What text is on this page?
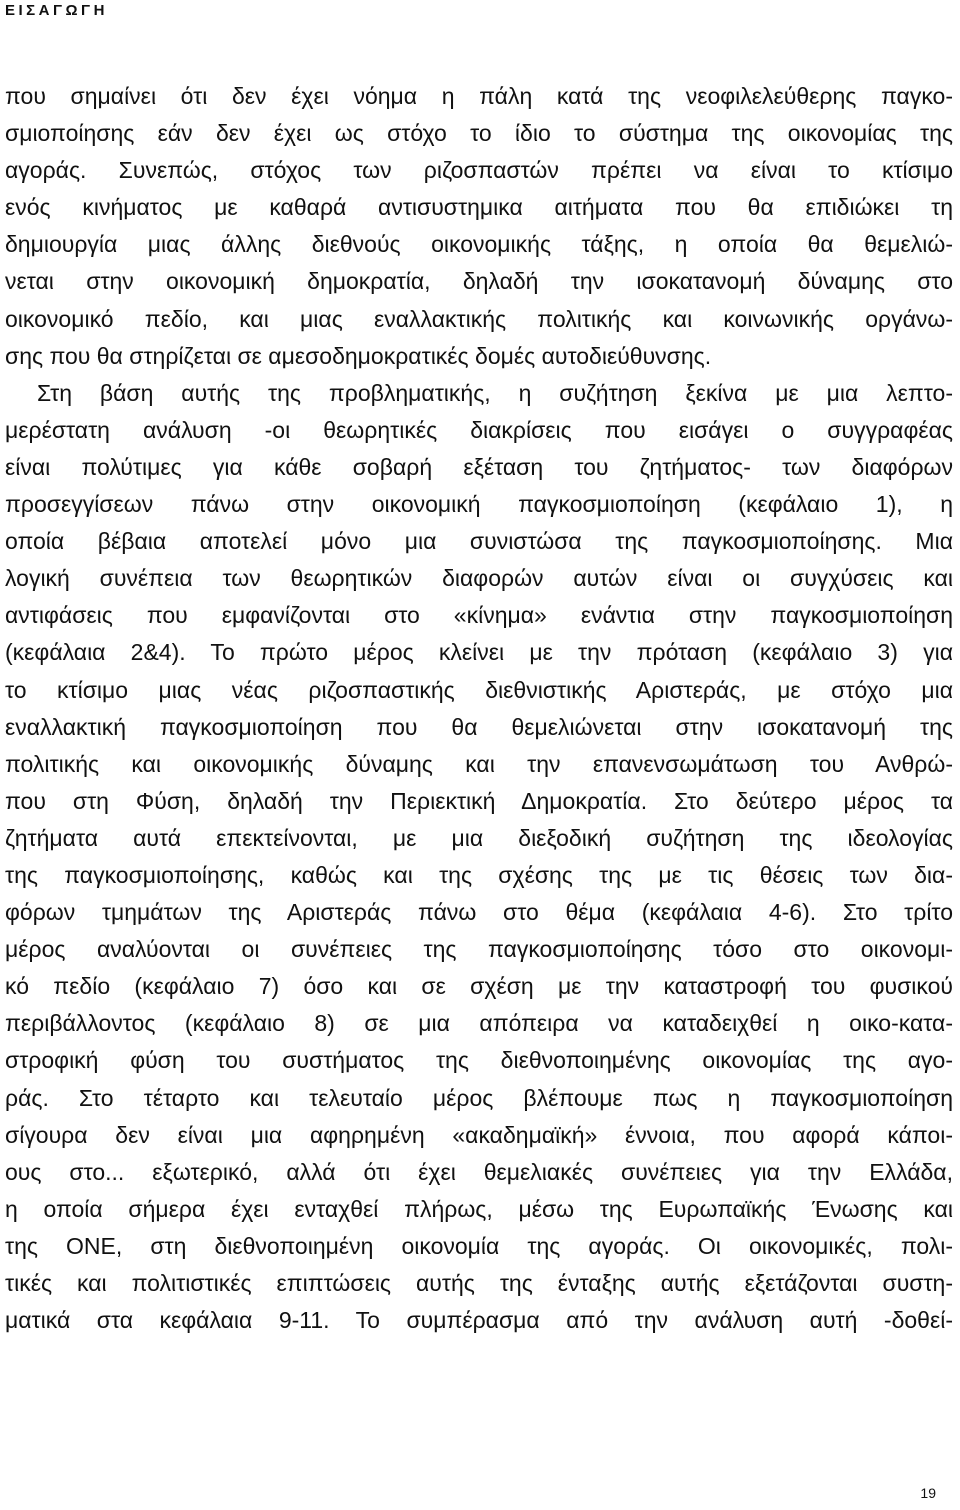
ΕΙΣΑΓΩΓΗ
που σημαίνει ότι δεν έχει νόημα η πάλη κατά της νεοφιλελεύθερης παγκο-
σμιοποίησης εάν δεν έχει ως στόχο το ίδιο το σύστημα της οικονομίας της
αγοράς. Συνεπώς, στόχος των ριζοσπαστών πρέπει να είναι το κτίσιμο
ενός κινήματος με καθαρά αντισυστημικα αιτήματα που θα επιδιώκει τη
δημιουργία μιας άλλης διεθνούς οικονομικής τάξης, η οποία θα θεμελιώ-
νεται στην οικονομική δημοκρατία, δηλαδή την ισοκατανομή δύναμης στο
οικονομικό πεδίο, και μιας εναλλακτικής πολιτικής και κοινωνικής οργάνω-
σης που θα στηρίζεται σε αμεσοδημοκρατικές δομές αυτοδιεύθυνσης.
Στη βάση αυτής της προβληματικής, η συζήτηση ξεκίνα με μια λεπτο-
μερέστατη ανάλυση -οι θεωρητικές διακρίσεις που εισάγει ο συγγραφέας
είναι πολύτιμες για κάθε σοβαρή εξέταση του ζητήματος- των διαφόρων
προσεγγίσεων πάνω στην οικονομική παγκοσμιοποίηση (κεφάλαιο 1), η
οποία βέβαια αποτελεί μόνο μια συνιστώσα της παγκοσμιοποίησης. Μια
λογική συνέπεια των θεωρητικών διαφορών αυτών είναι οι συγχύσεις και
αντιφάσεις που εμφανίζονται στο «κίνημα» ενάντια στην παγκοσμιοποίηση
(κεφάλαια 2&4). Το πρώτο μέρος κλείνει με την πρόταση (κεφάλαιο 3) για
το κτίσιμο μιας νέας ριζοσπαστικής διεθνιστικής Αριστεράς, με στόχο μια
εναλλακτική παγκοσμιοποίηση που θα θεμελιώνεται στην ισοκατανομή της
πολιτικής και οικονομικής δύναμης και την επανενσωμάτωση του Ανθρώ-
που στη Φύση, δηλαδή την Περιεκτική Δημοκρατία. Στο δεύτερο μέρος τα
ζητήματα αυτά επεκτείνονται, με μια διεξοδική συζήτηση της ιδεολογίας
της παγκοσμιοποίησης, καθώς και της σχέσης της με τις θέσεις των δια-
φόρων τμημάτων της Αριστεράς πάνω στο θέμα (κεφάλαια 4-6). Στο τρίτο
μέρος αναλύονται οι συνέπειες της παγκοσμιοποίησης τόσο στο οικονομι-
κό πεδίο (κεφάλαιο 7) όσο και σε σχέση με την καταστροφή του φυσικού
περιβάλλοντος (κεφάλαιο 8) σε μια απόπειρα να καταδειχθεί η οικο-κατα-
στροφική φύση του συστήματος της διεθνοποιημένης οικονομίας της αγο-
ράς. Στο τέταρτο και τελευταίο μέρος βλέπουμε πως η παγκοσμιοποίηση
σίγουρα δεν είναι μια αφηρημένη «ακαδημαϊκή» έννοια, που αφορά κάποι-
ους στο... εξωτερικό, αλλά ότι έχει θεμελιακές συνέπειες για την Ελλάδα,
η οποία σήμερα έχει ενταχθεί πλήρως, μέσω της Ευρωπαϊκής Ένωσης και
της ΟΝΕ, στη διεθνοποιημένη οικονομία της αγοράς. Οι οικονομικές, πολι-
τικές και πολιτιστικές επιπτώσεις αυτής της ένταξης αυτής εξετάζονται συστη-
ματικά στα κεφάλαια 9-11. Το συμπέρασμα από την ανάλυση αυτή -δοθεί-
19
